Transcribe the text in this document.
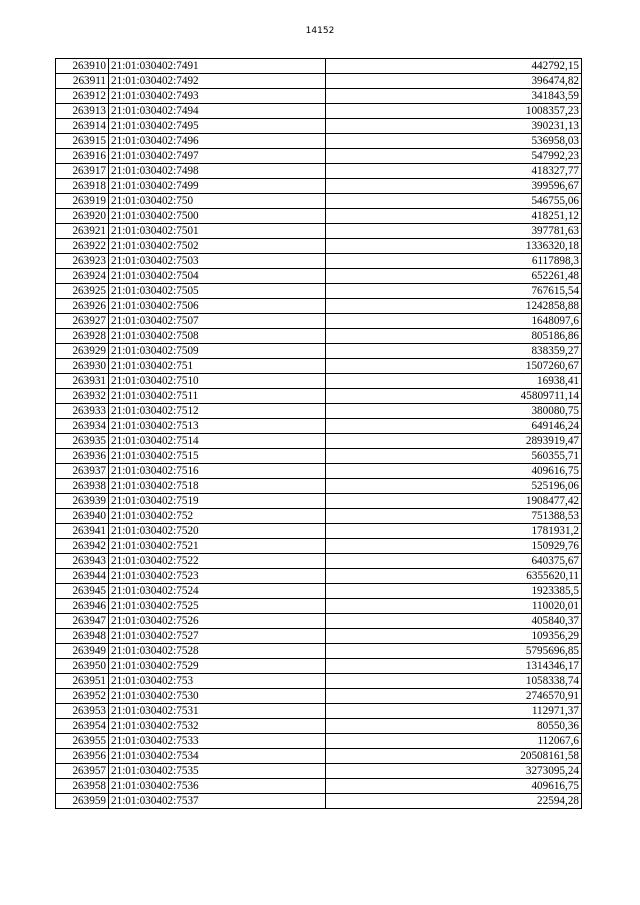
14152
263910	21:01:030402:7491	442792,15
263911	21:01:030402:7492	396474,82
263912	21:01:030402:7493	341843,59
263913	21:01:030402:7494	1008357,23
263914	21:01:030402:7495	390231,13
263915	21:01:030402:7496	536958,03
263916	21:01:030402:7497	547992,23
263917	21:01:030402:7498	418327,77
263918	21:01:030402:7499	399596,67
263919	21:01:030402:750	546755,06
263920	21:01:030402:7500	418251,12
263921	21:01:030402:7501	397781,63
263922	21:01:030402:7502	1336320,18
263923	21:01:030402:7503	6117898,3
263924	21:01:030402:7504	652261,48
263925	21:01:030402:7505	767615,54
263926	21:01:030402:7506	1242858,88
263927	21:01:030402:7507	1648097,6
263928	21:01:030402:7508	805186,86
263929	21:01:030402:7509	838359,27
263930	21:01:030402:751	1507260,67
263931	21:01:030402:7510	16938,41
263932	21:01:030402:7511	45809711,14
263933	21:01:030402:7512	380080,75
263934	21:01:030402:7513	649146,24
263935	21:01:030402:7514	2893919,47
263936	21:01:030402:7515	560355,71
263937	21:01:030402:7516	409616,75
263938	21:01:030402:7518	525196,06
263939	21:01:030402:7519	1908477,42
263940	21:01:030402:752	751388,53
263941	21:01:030402:7520	1781931,2
263942	21:01:030402:7521	150929,76
263943	21:01:030402:7522	640375,67
263944	21:01:030402:7523	6355620,11
263945	21:01:030402:7524	1923385,5
263946	21:01:030402:7525	110020,01
263947	21:01:030402:7526	405840,37
263948	21:01:030402:7527	109356,29
263949	21:01:030402:7528	5795696,85
263950	21:01:030402:7529	1314346,17
263951	21:01:030402:753	1058338,74
263952	21:01:030402:7530	2746570,91
263953	21:01:030402:7531	112971,37
263954	21:01:030402:7532	80550,36
263955	21:01:030402:7533	112067,6
263956	21:01:030402:7534	20508161,58
263957	21:01:030402:7535	3273095,24
263958	21:01:030402:7536	409616,75
263959	21:01:030402:7537	22594,28
